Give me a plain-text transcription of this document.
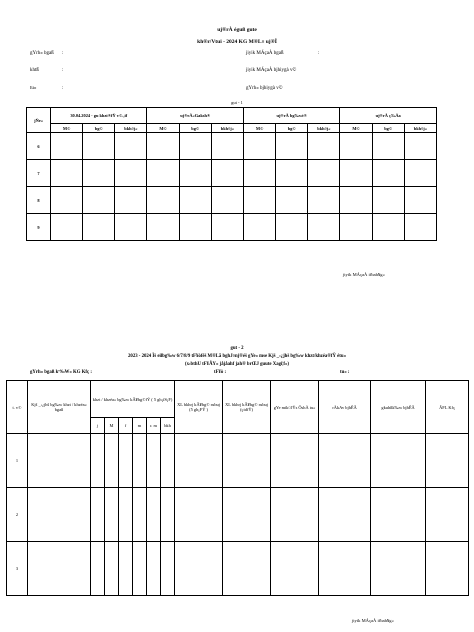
uj®rÀ éguß gute
kh®r/Vtui - 2024 KG M®L¤ uj®Î
gYrh« bgaß :
khtß	:
tu«	:
jiyik MÁçaÀ bgaß	:
jiyik MÁçaÀ bjhiygà v©
gYrh« bjhiygà v©
gut - 1
jÑe«	30.04.2024 - gu khzt®fŸ v©.,if			uj®rÀ«Gaksh®			uj®rÀ bg‰wt®			uj®rÀ ç‰Ãa		
	M©	bg©	bkh¤j«	M©	bg©	bkh¤j«	M©	bg©	bkh¤j«	M©	bg©	bkh¤j«
6												
7												
8												
9												
jiyik MÁçaÀ ifbah¥g«
gut - 2
2023 - 2024 Ïš eilbg‰w 6/7/8/9 tF¥òfëš M®Lã bghJ¤nj®éš gYe« mse Kjš _‹¿jhš bg‰w khzt/khzéa®fŸ étu«
(x›bthU tF¥ÃY« jåjåahf jah® brŒJ guute Xagi¦f«)
gYrh« bgaß kº‰W« KG Kfç :	tF¥ò :	tu« :
t. v©	Kjš _‹¿jhš bg‰w khzt / khzéa« bgaß	khzt / khzéa« bg‰w kÂ¥bg©fŸ ( 5 gh¡fS¡F)						XL bkhrj kÂ¥bg© rubuj (5 gh¡FŸ )	XL bkhrj kÂ¥bg© rubuj (çidfŸ)	gYe mik¤JŸs ÔshÀ tu«	rÃkAv bjhÊÂ	gkuhßk‰w bjhÊÂ	ÂFL Kfç
		j	M	f	m	r. m	bkh						
1													
2													
3													
jiyik MÁçaÀ ifbah¥g«
